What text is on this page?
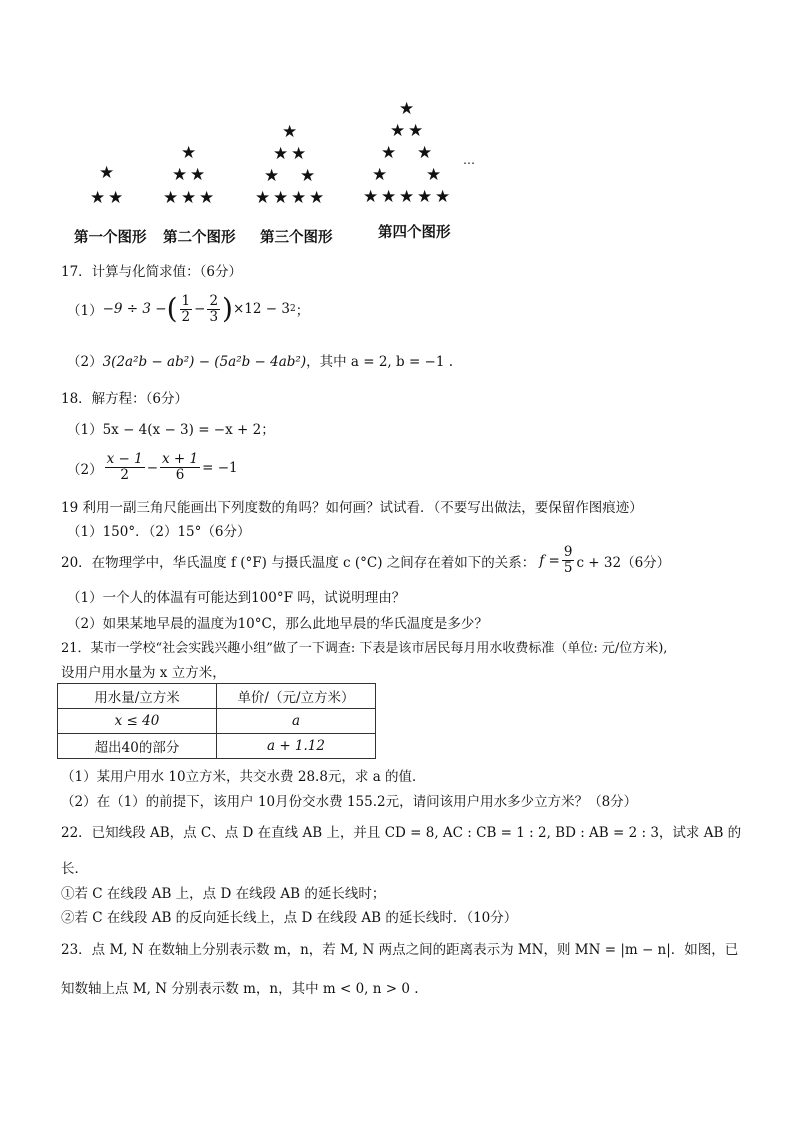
★
★ ★
★
★ ★
★ ★ ★
★
★ ★
★ ★
★ ★ ★ ★
★
★ ★
★ ★
★ ★
★ ★ ★ ★ ★
…
第一个图形 第二个图形 第三个图形	第四个图形
17．计算与化简求值：（6分）
（1） −9 ÷ 3 − ( $\frac{1}{2} - \frac{2}{3}$ ) ×12 − 3 2 ；
（2）3(2a²b − ab²) − (5a²b − 4ab²)，其中 a = 2, b = −1 .
18．解方程：（6分）
（1）5x − 4(x − 3) = −x + 2；
$(2) \frac{x - 1}{2} - \frac{x + 1}{6} = -1$
19 利用一副三角尺能画出下列度数的角吗？如何画？试试看．（不要写出做法，要保留作图痕迹）
（1）150°．（2）15°（6分）
20．在物理学中，华氏温度 f (°F) 与摄氏温度 c (°C) 之间存在着如下的关系： $f = \frac{9}{5}$ c + 32（6分）
（1）一个人的体温有可能达到100°F 吗，试说明理由？
（2）如果某地早晨的温度为10°C，那么此地早晨的华氏温度是多少？
21．某市一学校“社会实践兴趣小组”做了一下调查: 下表是该市居民每月用水收费标准（单位: 元/位方米),
设用户用水量为 x 立方米，
用水量/立方米	单价/（元/立方米）
x ≤ 40	a
超出40的部分	a + 1.12
（1）某用户用水 10立方米，共交水费 28.8元，求 a 的值．
（2）在（1）的前提下，该用户 10月份交水费 155.2元，请问该用户用水多少立方米？（8分）
22．已知线段 AB，点 C、点 D 在直线 AB 上，并且 CD = 8, AC : CB = 1 : 2, BD : AB = 2 : 3，试求 AB 的
长．
①若 C 在线段 AB 上，点 D 在线段 AB 的延长线时；
②若 C 在线段 AB 的反向延长线上，点 D 在线段 AB 的延长线时．（10分）
23．点 M, N 在数轴上分别表示数 m，n，若 M, N 两点之间的距离表示为 MN，则 MN = |m − n|．如图，已
知数轴上点 M, N 分别表示数 m，n，其中 m < 0, n > 0 .
